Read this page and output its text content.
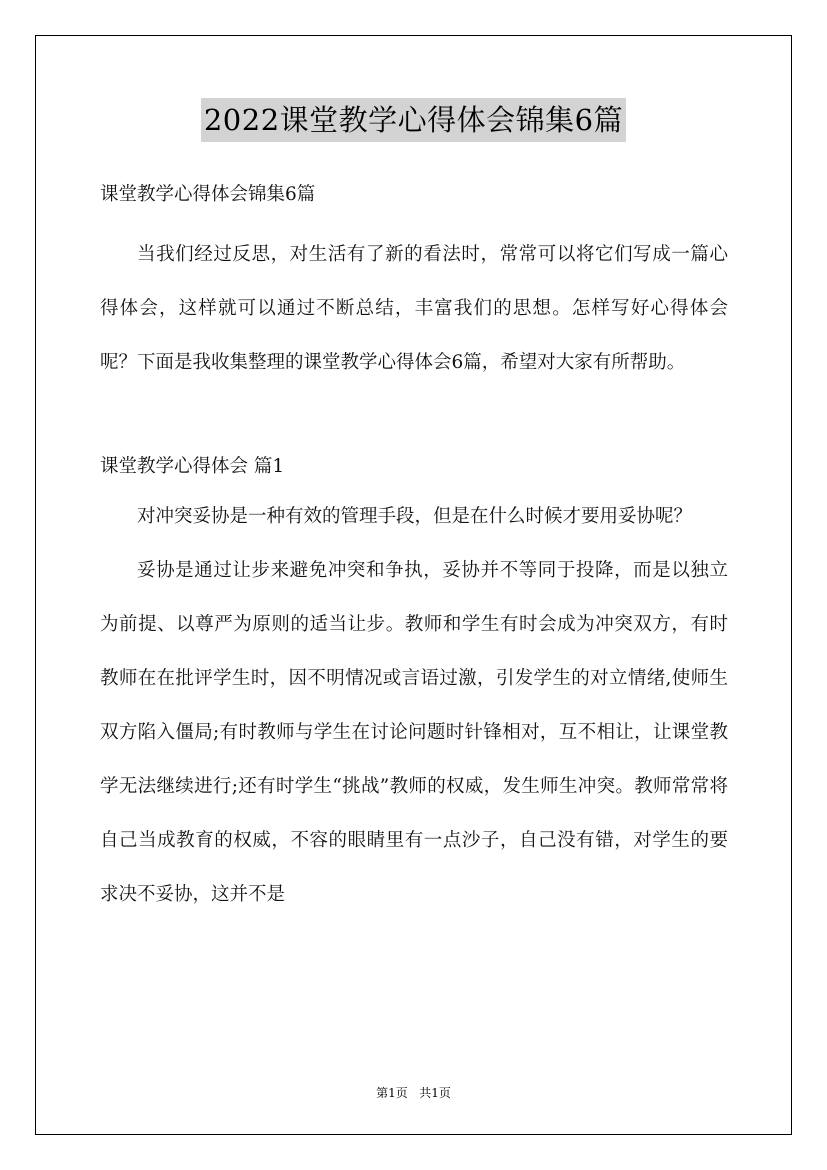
2022课堂教学心得体会锦集6篇

课堂教学心得体会锦集6篇

当我们经过反思，对生活有了新的看法时，常常可以将它们写成一篇心得体会，这样就可以通过不断总结，丰富我们的思想。怎样写好心得体会呢？下面是我收集整理的课堂教学心得体会6篇，希望对大家有所帮助。

课堂教学心得体会 篇1

对冲突妥协是一种有效的管理手段，但是在什么时候才要用妥协呢？

妥协是通过让步来避免冲突和争执，妥协并不等同于投降，而是以独立为前提、以尊严为原则的适当让步。教师和学生有时会成为冲突双方，有时教师在在批评学生时，因不明情况或言语过激，引发学生的对立情绪,使师生双方陷入僵局;有时教师与学生在讨论问题时针锋相对，互不相让，让课堂教学无法继续进行;还有时学生“挑战”教师的权威，发生师生冲突。教师常常将自己当成教育的权威，不容的眼睛里有一点沙子，自己没有错，对学生的要求决不妥协，这并不是

第1页 共1页
